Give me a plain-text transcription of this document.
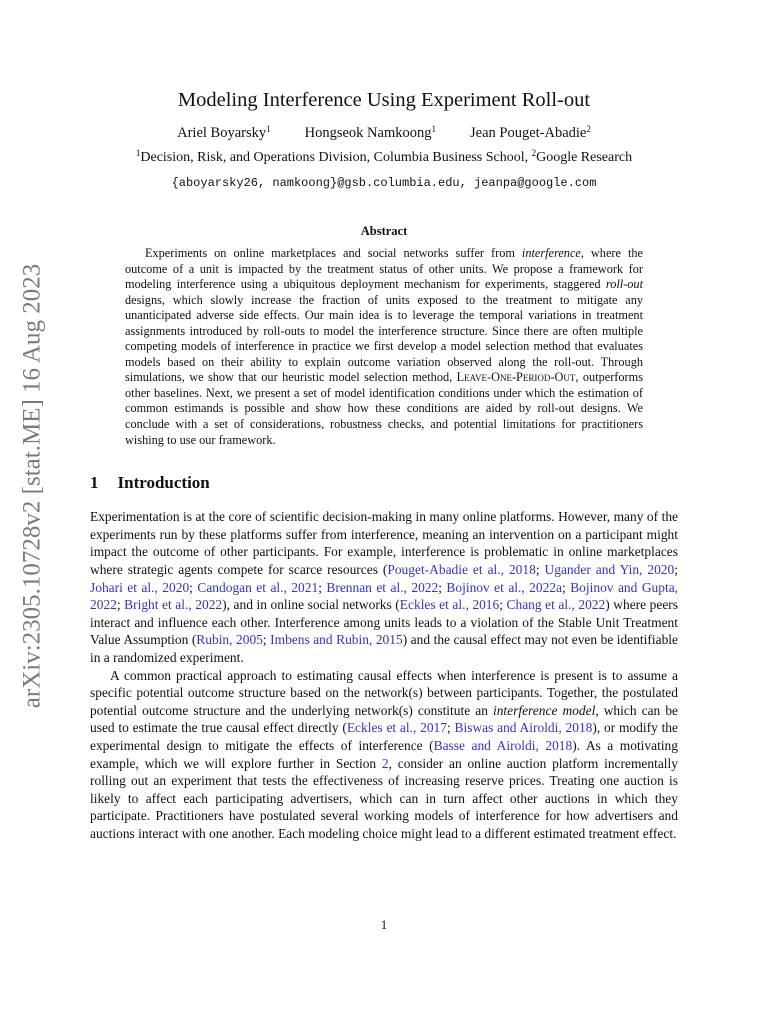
arXiv:2305.10728v2 [stat.ME] 16 Aug 2023
Modeling Interference Using Experiment Roll-out
Ariel Boyarsky$^1$ Hongseok Namkoong$^1$ Jean Pouget-Abadie$^2$
$^1$Decision, Risk, and Operations Division, Columbia Business School, $^2$Google Research
{aboyarsky26, namkoong}@gsb.columbia.edu, jeanpa@google.com
Abstract

Experiments on online marketplaces and social networks suffer from interference, where the outcome of a unit is impacted by the treatment status of other units. We propose a framework for modeling interference using a ubiquitous deployment mechanism for experiments, staggered roll-out designs, which slowly increase the fraction of units exposed to the treatment to mitigate any unanticipated adverse side effects. Our main idea is to leverage the temporal variations in treatment assignments introduced by roll-outs to model the interference structure. Since there are often multiple competing models of interference in practice we first develop a model selection method that evaluates models based on their ability to explain outcome variation observed along the roll-out. Through simulations, we show that our heuristic model selection method, Leave-One-Period-Out, outperforms other baselines. Next, we present a set of model identification conditions under which the estimation of common estimands is possible and show how these conditions are aided by roll-out designs. We conclude with a set of considerations, robustness checks, and potential limitations for practitioners wishing to use our framework.

1 Introduction

Experimentation is at the core of scientific decision-making in many online platforms. However, many of the experiments run by these platforms suffer from interference, meaning an intervention on a participant might impact the outcome of other participants. For example, interference is problematic in online marketplaces where strategic agents compete for scarce resources (Pouget-Abadie et al., 2018; Ugander and Yin, 2020; Johari et al., 2020; Candogan et al., 2021; Brennan et al., 2022; Bojinov et al., 2022a; Bojinov and Gupta, 2022; Bright et al., 2022), and in online social networks (Eckles et al., 2016; Chang et al., 2022) where peers interact and influence each other. Interference among units leads to a violation of the Stable Unit Treatment Value Assumption (Rubin, 2005; Imbens and Rubin, 2015) and the causal effect may not even be identifiable in a randomized experiment.

A common practical approach to estimating causal effects when interference is present is to assume a specific potential outcome structure based on the network(s) between participants. Together, the postulated potential outcome structure and the underlying network(s) constitute an interference model, which can be used to estimate the true causal effect directly (Eckles et al., 2017; Biswas and Airoldi, 2018), or modify the experimental design to mitigate the effects of interference (Basse and Airoldi, 2018). As a motivating example, which we will explore further in Section 2, consider an online auction platform incrementally rolling out an experiment that tests the effectiveness of increasing reserve prices. Treating one auction is likely to affect each participating advertisers, which can in turn affect other auctions in which they participate. Practitioners have postulated several working models of interference for how advertisers and auctions interact with one another. Each modeling choice might lead to a different estimated treatment effect.

1
